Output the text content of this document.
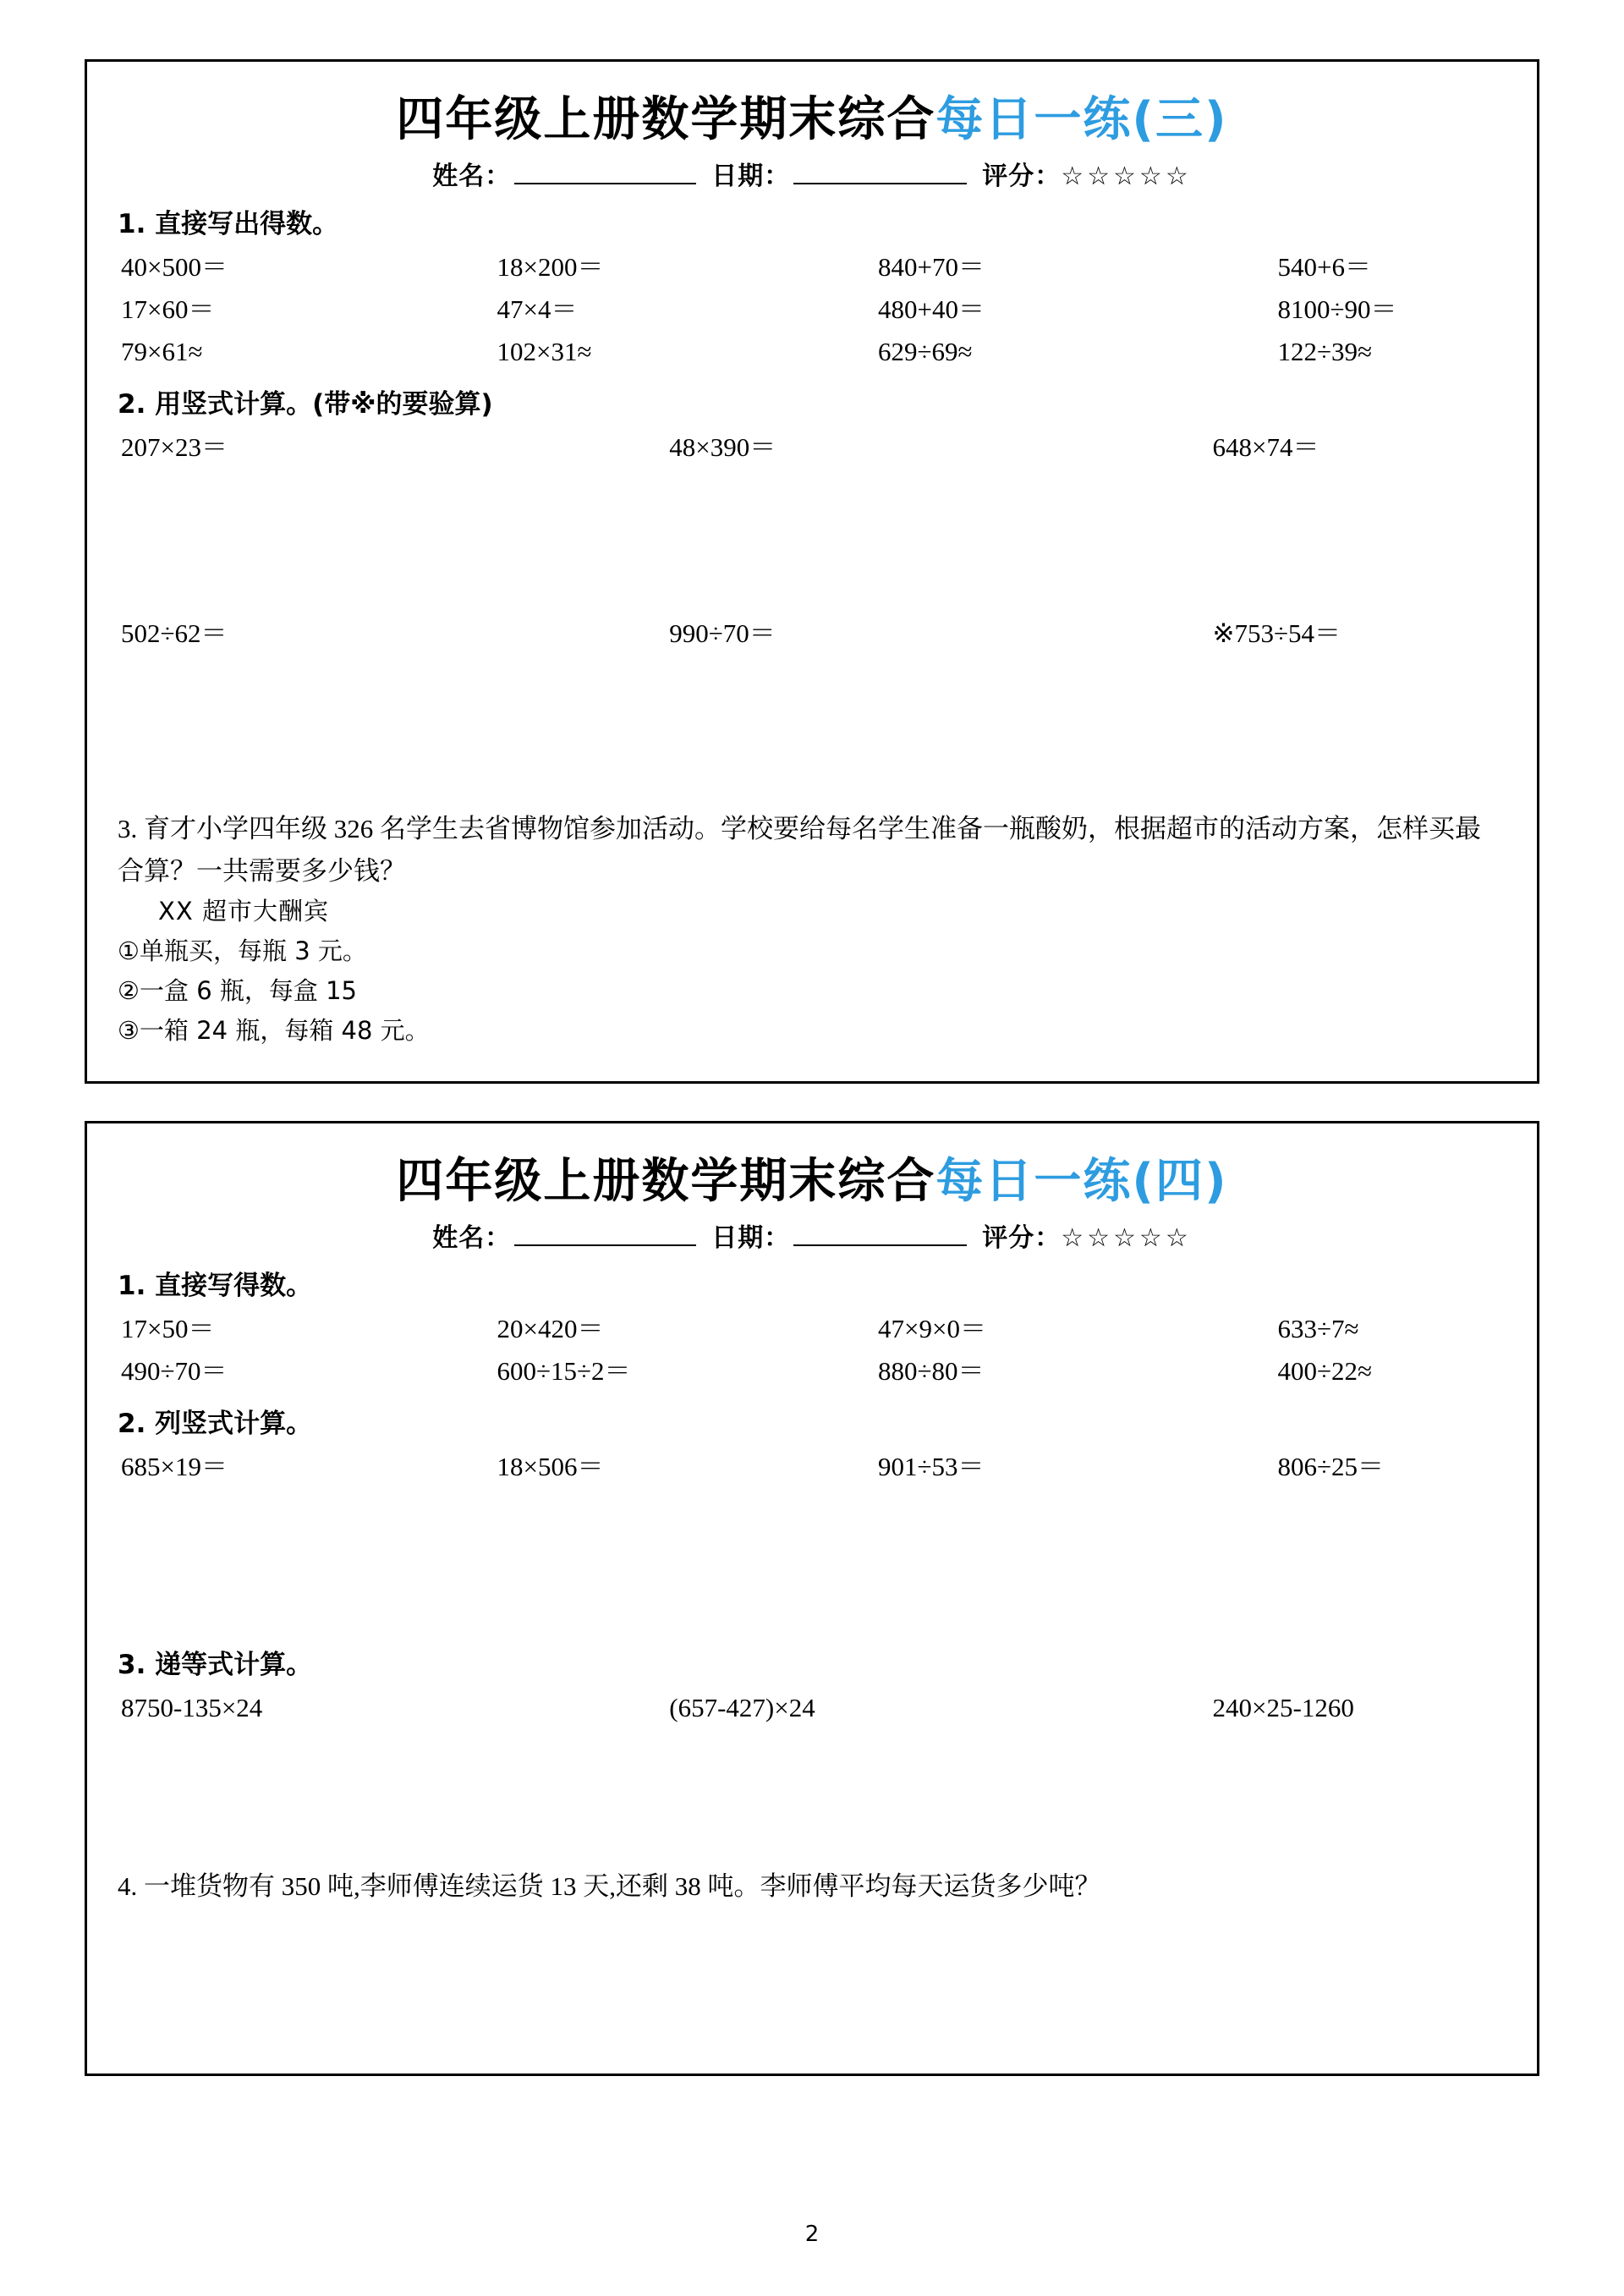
四年级上册数学期末综合每日一练(三)
姓名：	日期：	评分： ☆☆☆☆☆
1. 直接写出得数。
40×500＝	18×200＝	840+70＝	540+6＝
17×60＝	47×4＝	480+40＝	8100÷90＝
79×61≈	102×31≈	629÷69≈	122÷39≈
2. 用竖式计算。(带※的要验算)
207×23＝	48×390＝	648×74＝
502÷62＝	990÷70＝	※753÷54＝
3. 育才小学四年级 326 名学生去省博物馆参加活动。学校要给每名学生准备一瓶酸奶，根据超市的活动方案，怎样买最合算？一共需要多少钱？
XX 超市大酬宾
①单瓶买，每瓶 3 元。
②一盒 6 瓶，每盒 15
③一箱 24 瓶，每箱 48 元。
四年级上册数学期末综合每日一练(四)
姓名：	日期：	评分： ☆☆☆☆☆
1. 直接写得数。
17×50＝	20×420＝	47×9×0＝	633÷7≈
490÷70＝	600÷15÷2＝	880÷80＝	400÷22≈
2. 列竖式计算。
685×19＝	18×506＝	901÷53＝	806÷25＝
3. 递等式计算。
8750-135×24	(657-427)×24	240×25-1260
4. 一堆货物有 350 吨,李师傅连续运货 13 天,还剩 38 吨。李师傅平均每天运货多少吨？
2
